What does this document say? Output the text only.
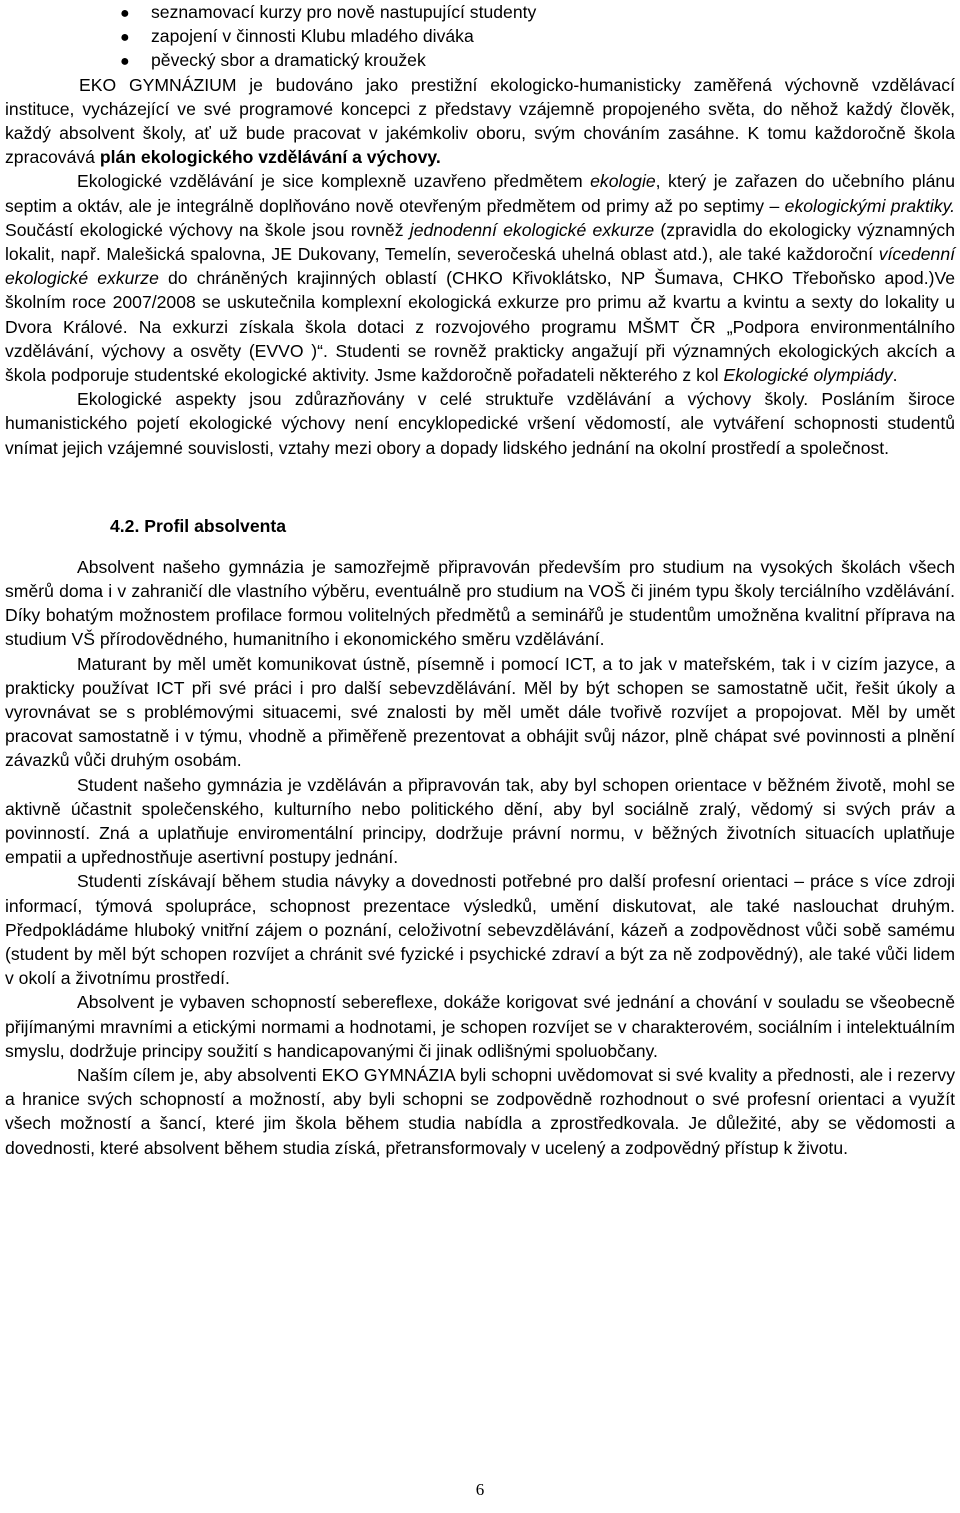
● seznamovací kurzy pro nově nastupující studenty
● zapojení v činnosti Klubu mladého diváka
● pěvecký sbor a dramatický kroužek

EKO GYMNÁZIUM je budováno jako prestižní ekologicko-humanisticky zaměřená výchovně vzdělávací instituce, vycházející ve své programové koncepci z představy vzájemně propojeného světa, do něhož každý člověk, každý absolvent školy, ať už bude pracovat v jakémkoliv oboru, svým chováním zasáhne. K tomu každoročně škola zpracovává plán ekologického vzdělávání a výchovy.

Ekologické vzdělávání je sice komplexně uzavřeno předmětem ekologie, který je zařazen do učebního plánu septim a oktáv, ale je integrálně doplňováno nově otevřeným předmětem od primy až po septimy – ekologickými praktiky. Součástí ekologické výchovy na škole jsou rovněž jednodenní ekologické exkurze (zpravidla do ekologicky významných lokalit, např. Malešická spalovna, JE Dukovany, Temelín, severočeská uhelná oblast atd.), ale také každoroční vícedenní ekologické exkurze do chráněných krajinných oblastí (CHKO Křivoklátsko, NP Šumava, CHKO Třeboňsko apod.)Ve školním roce 2007/2008 se uskutečnila komplexní ekologická exkurze pro primu až kvartu a kvintu a sexty do lokality u Dvora Králové. Na exkurzi získala škola dotaci z rozvojového programu MŠMT ČR „Podpora environmentálního vzdělávání, výchovy a osvěty (EVVO )“. Studenti se rovněž prakticky angažují při významných ekologických akcích a škola podporuje studentské ekologické aktivity. Jsme každoročně pořadateli některého z kol Ekologické olympiády.

Ekologické aspekty jsou zdůrazňovány v celé struktuře vzdělávání a výchovy školy. Posláním široce humanistického pojetí ekologické výchovy není encyklopedické vršení vědomostí, ale vytváření schopnosti studentů vnímat jejich vzájemné souvislosti, vztahy mezi obory a dopady lidského jednání na okolní prostředí a společnost.

4.2. Profil absolventa

Absolvent našeho gymnázia je samozřejmě připravován především pro studium na vysokých školách všech směrů doma i v zahraničí dle vlastního výběru, eventuálně pro studium na VOŠ či jiném typu školy terciálního vzdělávání. Díky bohatým možnostem profilace formou volitelných předmětů a seminářů je studentům umožněna kvalitní příprava na studium VŠ přírodovědného, humanitního i ekonomického směru vzdělávání.

Maturant by měl umět komunikovat ústně, písemně i pomocí ICT, a to jak v mateřském, tak i v cizím jazyce, a prakticky používat ICT při své práci i pro další sebevzdělávání. Měl by být schopen se samostatně učit, řešit úkoly a vyrovnávat se s problémovými situacemi, své znalosti by měl umět dále tvořivě rozvíjet a propojovat. Měl by umět pracovat samostatně i v týmu, vhodně a přiměřeně prezentovat a obhájit svůj názor, plně chápat své povinnosti a plnění závazků vůči druhým osobám.

Student našeho gymnázia je vzděláván a připravován tak, aby byl schopen orientace v běžném životě, mohl se aktivně účastnit společenského, kulturního nebo politického dění, aby byl sociálně zralý, vědomý si svých práv a povinností. Zná a uplatňuje enviromentální principy, dodržuje právní normu, v běžných životních situacích uplatňuje empatii a upřednostňuje asertivní postupy jednání.

Studenti získávají během studia návyky a dovednosti potřebné pro další profesní orientaci – práce s více zdroji informací, týmová spolupráce, schopnost prezentace výsledků, umění diskutovat, ale také naslouchat druhým. Předpokládáme hluboký vnitřní zájem o poznání, celoživotní sebevzdělávání, kázeň a zodpovědnost vůči sobě samému (student by měl být schopen rozvíjet a chránit své fyzické i psychické zdraví a být za ně zodpovědný), ale také vůči lidem v okolí a životnímu prostředí.

Absolvent je vybaven schopností sebereflexe, dokáže korigovat své jednání a chování v souladu se všeobecně přijímanými mravními a etickými normami a hodnotami, je schopen rozvíjet se v charakterovém, sociálním i intelektuálním smyslu, dodržuje principy soužití s handicapovanými či jinak odlišnými spoluobčany.

Naším cílem je, aby absolventi EKO GYMNÁZIA byli schopni uvědomovat si své kvality a přednosti, ale i rezervy a hranice svých schopností a možností, aby byli schopni se zodpovědně rozhodnout o své profesní orientaci a využít všech možností a šancí, které jim škola během studia nabídla a zprostředkovala. Je důležité, aby se vědomosti a dovednosti, které absolvent během studia získá, přetransformovaly v ucelený a zodpovědný přístup k životu.

6
